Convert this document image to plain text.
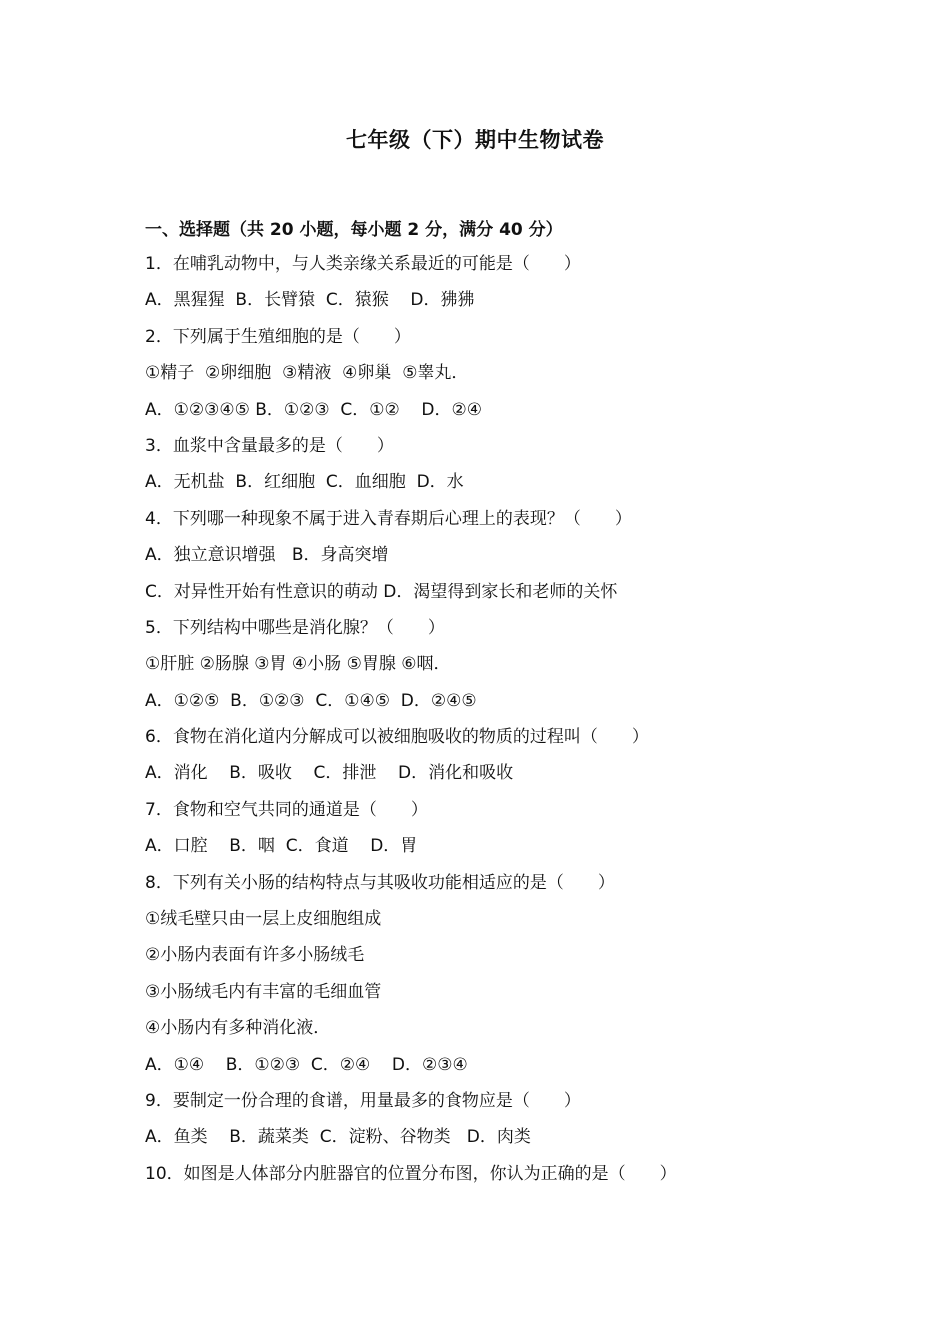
七年级（下）期中生物试卷
一、选择题（共 20 小题，每小题 2 分，满分 40 分）
1．在哺乳动物中，与人类亲缘关系最近的可能是（　　）
A．黑猩猩  B．长臂猿  C．猿猴    D．狒狒
2．下列属于生殖细胞的是（　　）
①精子  ②卵细胞  ③精液  ④卵巢  ⑤睾丸．
A．①②③④⑤ B．①②③  C．①②    D．②④
3．血浆中含量最多的是（　　）
A．无机盐  B．红细胞  C．血细胞  D．水
4．下列哪一种现象不属于进入青春期后心理上的表现？（　　）
A．独立意识增强   B．身高突增
C．对异性开始有性意识的萌动 D．渴望得到家长和老师的关怀
5．下列结构中哪些是消化腺？（　　）
①肝脏 ②肠腺 ③胃 ④小肠 ⑤胃腺 ⑥咽．
A．①②⑤  B．①②③  C．①④⑤  D．②④⑤
6．食物在消化道内分解成可以被细胞吸收的物质的过程叫（　　）
A．消化    B．吸收    C．排泄    D．消化和吸收
7．食物和空气共同的通道是（　　）
A．口腔    B．咽  C．食道    D．胃
8．下列有关小肠的结构特点与其吸收功能相适应的是（　　）
①绒毛壁只由一层上皮细胞组成
②小肠内表面有许多小肠绒毛
③小肠绒毛内有丰富的毛细血管
④小肠内有多种消化液．
A．①④    B．①②③  C．②④    D．②③④
9．要制定一份合理的食谱，用量最多的食物应是（　　）
A．鱼类    B．蔬菜类  C．淀粉、谷物类   D．肉类
10．如图是人体部分内脏器官的位置分布图，你认为正确的是（　　）
